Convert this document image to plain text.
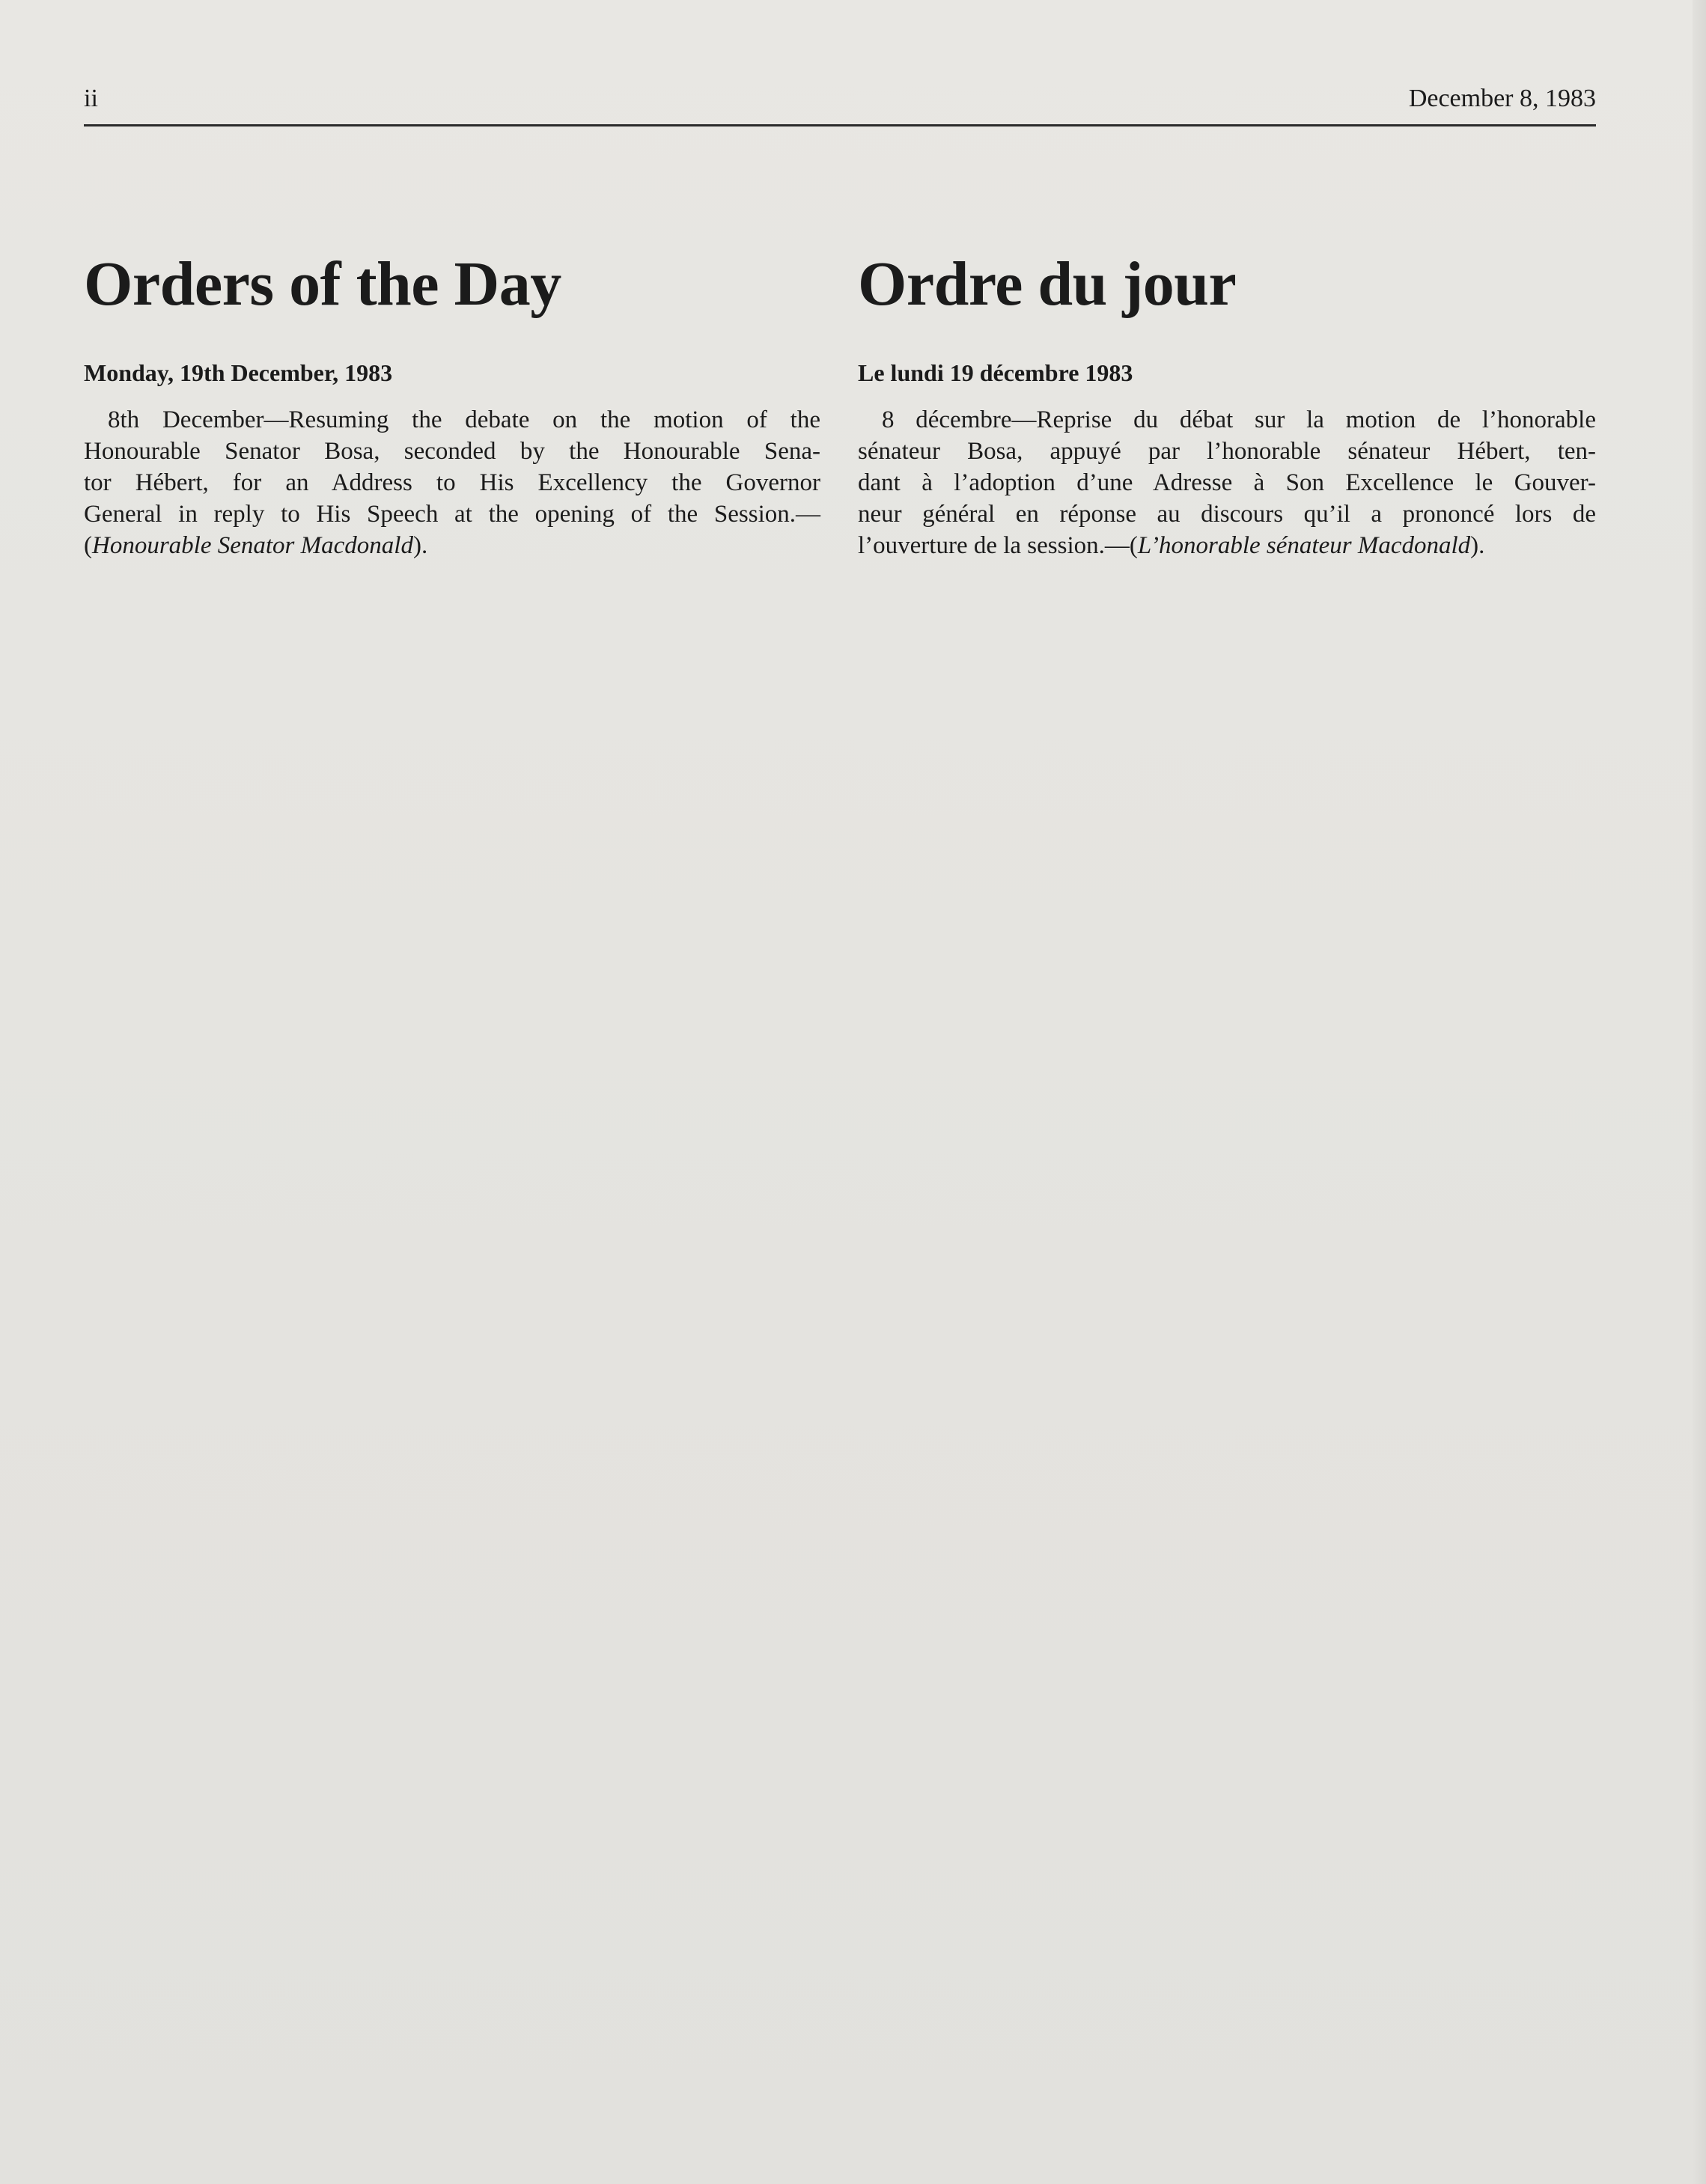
ii	December 8, 1983
Orders of the Day
Monday, 19th December, 1983
8th December—Resuming the debate on the motion of the
Honourable Senator Bosa, seconded by the Honourable Sena-
tor Hébert, for an Address to His Excellency the Governor
General in reply to His Speech at the opening of the Session.—
(Honourable Senator Macdonald).
Ordre du jour
Le lundi 19 décembre 1983
8 décembre—Reprise du débat sur la motion de l’honorable
sénateur Bosa, appuyé par l’honorable sénateur Hébert, ten-
dant à l’adoption d’une Adresse à Son Excellence le Gouver-
neur général en réponse au discours qu’il a prononcé lors de
l’ouverture de la session.—(L’honorable sénateur Macdonald).
